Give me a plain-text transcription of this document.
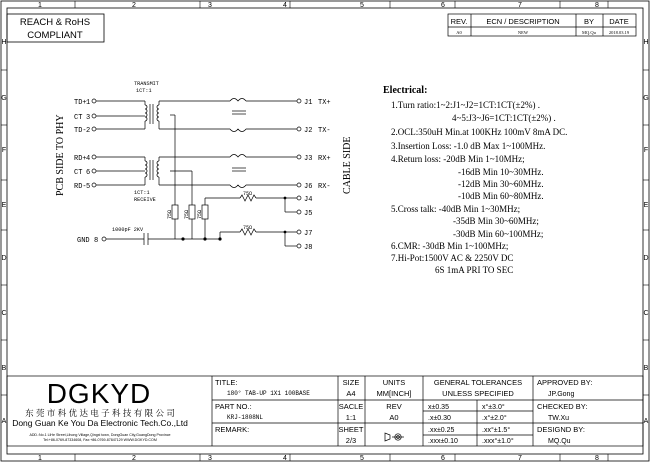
1	2	3	4	5	6	7	8
1	2	3	4	5	6	7	8
H
G
F
E
D
C
B
A
H
G
F
E
D
C
B
A
REACH & RoHS
COMPLIANT
REV.	ECN / DESCRIPTION	BY DATE
A0	NEW	MQ.Qu	2018.03.19
TRANSMIT
1CT:1
1CT:1
RECEIVE
1000pF 2KV
TD+ 1
CT 3
TD- 2
RD+ 4
CT 6
RD- 5
GND 8
J1 TX+
J2 TX-
J3 RX+
J6 RX-
J4
J5
J7
J8
75Ω
75Ω
75Ω 75Ω 75Ω
PCB SIDE TO PHY	CABLE SIDE
Electrical:
1.Turn ratio:1~2:J1~J2=1CT:1CT(±2%) .
4~5:J3~J6=1CT:1CT(±2%) .
2.OCL:350uH Min.at 100KHz 100mV 8mA DC.
3.Insertion Loss: -1.0 dB Max 1~100MHz.
4.Return loss: -20dB Min 1~10MHz;
-16dB Min 10~30MHz.
-12dB Min 30~60MHz.
-10dB Min 60~80MHz.
5.Cross talk: -40dB Min 1~30MHz;
-35dB Min 30~60MHz;
-30dB Min 60~100MHz;
6.CMR: -30dB Min 1~100MHz;
7.Hi-Pot:1500V AC & 2250V DC
6S 1mA PRI TO SEC
DGKYD
东 莞 市 科 优 达 电 子 科 技 有 限 公 司
Dong Guan Ke You Da Electronic Tech.Co.,Ltd
ADD.:No.1 LiHe Street,Lihong Village,Qingxi town, DongGuan City,GuangDong Province
Tel:+86-0769-87334608, Fax:+86-0769-87847129 WWW.DGKYD.COM
TITLE:
180° TAB-UP 1X1 100BASE
PART NO.:
KRJ-1808NL
REMARK:
SIZE
A4
SACLE
1:1
SHEET
2/3
UNITS
MM[INCH]
REV
A0
GENERAL TOLERANCES
UNLESS SPECIFIED
x±0.35	x°±3.0°
.x±0.30	.x°±2.0°
.xx±0.25	.xx°±1.5°
.xxx±0.10	.xxx°±1.0°
APPROVED BY:
JP.Gong
CHECKED BY:
TW.Xu
DESIGND BY:
MQ.Qu
